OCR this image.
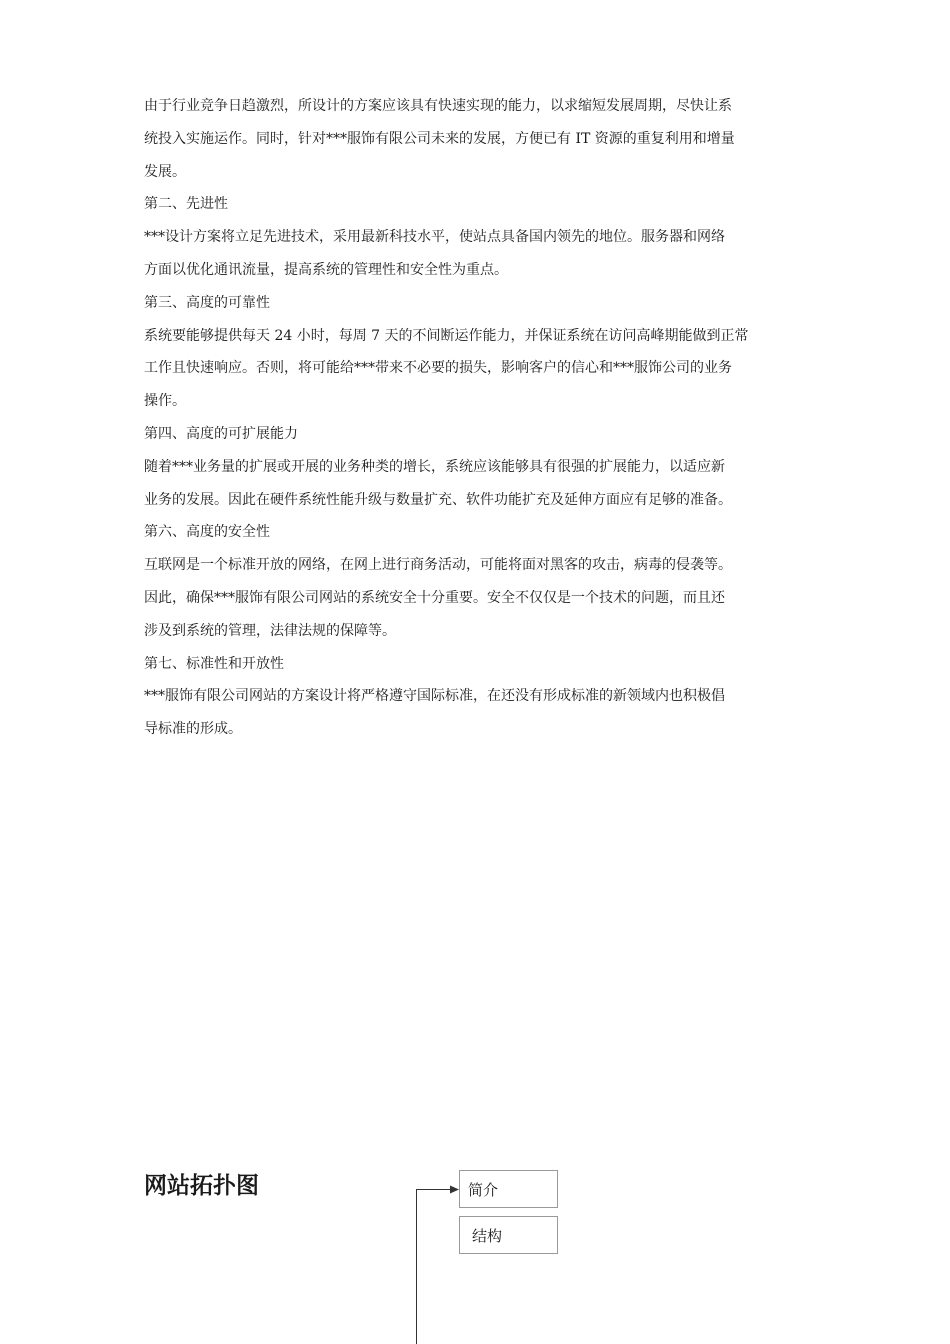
由于行业竞争日趋激烈，所设计的方案应该具有快速实现的能力，以求缩短发展周期，尽快让系
统投入实施运作。同时，针对***服饰有限公司未来的发展，方便已有 IT 资源的重复利用和增量
发展。
第二、先进性
***设计方案将立足先进技术，采用最新科技水平，使站点具备国内领先的地位。服务器和网络
方面以优化通讯流量，提高系统的管理性和安全性为重点。
第三、高度的可靠性
系统要能够提供每天 24 小时，每周 7 天的不间断运作能力，并保证系统在访问高峰期能做到正常
工作且快速响应。否则，将可能给***带来不必要的损失，影响客户的信心和***服饰公司的业务
操作。
第四、高度的可扩展能力
随着***业务量的扩展或开展的业务种类的增长，系统应该能够具有很强的扩展能力，以适应新
业务的发展。因此在硬件系统性能升级与数量扩充、软件功能扩充及延伸方面应有足够的准备。
第六、高度的安全性
互联网是一个标准开放的网络，在网上进行商务活动，可能将面对黑客的攻击，病毒的侵袭等。
因此，确保***服饰有限公司网站的系统安全十分重要。安全不仅仅是一个技术的问题，而且还
涉及到系统的管理，法律法规的保障等。
第七、标准性和开放性
***服饰有限公司网站的方案设计将严格遵守国际标准，在还没有形成标准的新领域内也积极倡
导标准的形成。
网站拓扑图	简介
结构
